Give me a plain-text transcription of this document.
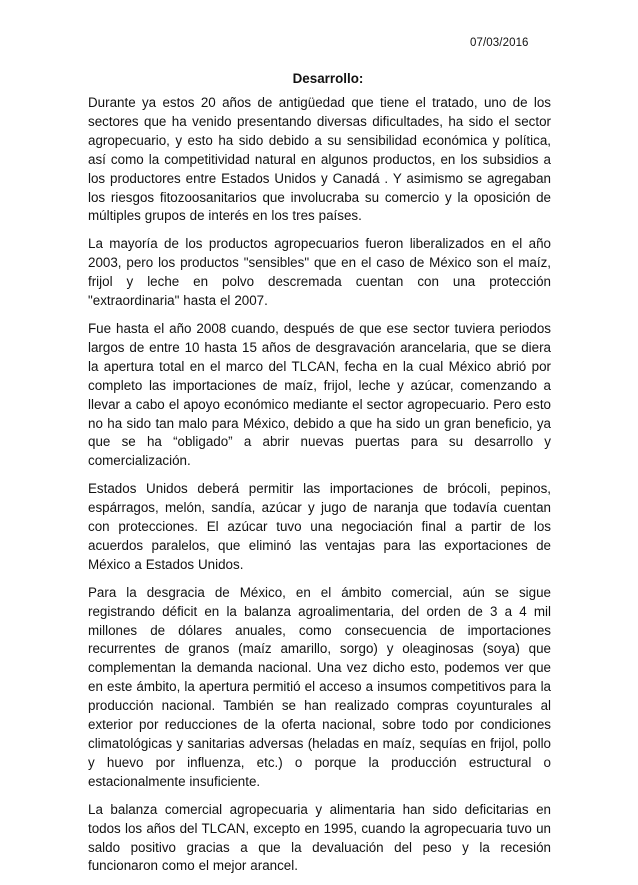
07/03/2016
Desarrollo:

Durante ya estos 20 años de antigüedad que tiene el tratado, uno de los sectores que ha venido presentando diversas dificultades, ha sido el sector agropecuario, y esto ha sido debido a su sensibilidad económica y política, así como la competitividad natural en algunos productos, en los subsidios a los productores entre Estados Unidos y Canadá . Y asimismo se agregaban los riesgos fitozoosanitarios que involucraba su comercio y la oposición de múltiples grupos de interés en los tres países.

La mayoría de los productos agropecuarios fueron liberalizados en el año 2003, pero los productos "sensibles" que en el caso de México son el maíz, frijol y leche en polvo descremada cuentan con una protección "extraordinaria" hasta el 2007.

Fue hasta el año 2008 cuando, después de que ese sector tuviera periodos largos de entre 10 hasta 15 años de desgravación arancelaria, que se diera la apertura total en el marco del TLCAN, fecha en la cual México abrió por completo las importaciones de maíz, frijol, leche y azúcar, comenzando a llevar a cabo el apoyo económico mediante el sector agropecuario. Pero esto no ha sido tan malo para México, debido a que ha sido un gran beneficio, ya que se ha “obligado” a abrir nuevas puertas para su desarrollo y comercialización.

Estados Unidos deberá permitir las importaciones de brócoli, pepinos, espárragos, melón, sandía, azúcar y jugo de naranja que todavía cuentan con protecciones. El azúcar tuvo una negociación final a partir de los acuerdos paralelos, que eliminó las ventajas para las exportaciones de México a Estados Unidos.

Para la desgracia de México, en el ámbito comercial, aún se sigue registrando déficit en la balanza agroalimentaria, del orden de 3 a 4 mil millones de dólares anuales, como consecuencia de importaciones recurrentes de granos (maíz amarillo, sorgo) y oleaginosas (soya) que complementan la demanda nacional. Una vez dicho esto, podemos ver que en este ámbito, la apertura permitió el acceso a insumos competitivos para la producción nacional. También se han realizado compras coyunturales al exterior por reducciones de la oferta nacional, sobre todo por condiciones climatológicas y sanitarias adversas (heladas en maíz, sequías en frijol, pollo y huevo por influenza, etc.) o porque la producción estructural o estacionalmente insuficiente.

La balanza comercial agropecuaria y alimentaria han sido deficitarias en todos los años del TLCAN, excepto en 1995, cuando la agropecuaria tuvo un saldo positivo gracias a que la devaluación del peso y la recesión funcionaron como el mejor arancel.
